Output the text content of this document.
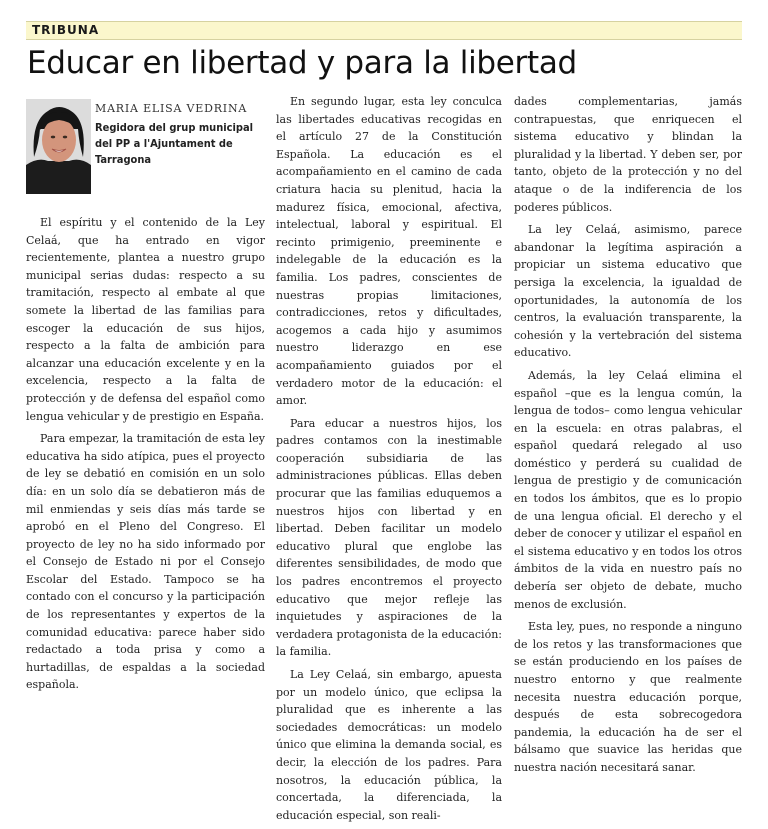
TRIBUNA
Educar en libertad y para la libertad
MARIA ELISA VEDRINA
Regidora del grup municipal del PP a l'Ajuntament de Tarragona

El espíritu y el contenido de la Ley Celaá, que ha entrado en vigor recientemente, plantea a nuestro grupo municipal serias dudas: respecto a su tramitación, respecto al embate al que somete la libertad de las familias para escoger la educación de sus hijos, respecto a la falta de ambición para alcanzar una educación excelente y en la excelencia, respecto a la falta de protección y de defensa del español como lengua vehicular y de prestigio en España.

Para empezar, la tramitación de esta ley educativa ha sido atípica, pues el proyecto de ley se debatió en comisión en un solo día: en un solo día se debatieron más de mil enmiendas y seis días más tarde se aprobó en el Pleno del Congreso. El proyecto de ley no ha sido informado por el Consejo de Estado ni por el Consejo Escolar del Estado. Tampoco se ha contado con el concurso y la participación de los representantes y expertos de la comunidad educativa: parece haber sido redactado a toda prisa y como a hurtadillas, de espaldas a la sociedad española.

En segundo lugar, esta ley conculca las libertades educativas recogidas en el artículo 27 de la Constitución Española. La educación es el acompañamiento en el camino de cada criatura hacia su plenitud, hacia la madurez física, emocional, afectiva, intelectual, laboral y espiritual. El recinto primigenio, preeminente e indelegable de la educación es la familia. Los padres, conscientes de nuestras propias limitaciones, contradicciones, retos y dificultades, acogemos a cada hijo y asumimos nuestro liderazgo en ese acompañamiento guiados por el verdadero motor de la educación: el amor.

Para educar a nuestros hijos, los padres contamos con la inestimable cooperación subsidiaria de las administraciones públicas. Ellas deben procurar que las familias eduquemos a nuestros hijos con libertad y en libertad. Deben facilitar un modelo educativo plural que englobe las diferentes sensibilidades, de modo que los padres encontremos el proyecto educativo que mejor refleje las inquietudes y aspiraciones de la verdadera protagonista de la educación: la familia.

La Ley Celaá, sin embargo, apuesta por un modelo único, que eclipsa la pluralidad que es inherente a las sociedades democráticas: un modelo único que elimina la demanda social, es decir, la elección de los padres. Para nosotros, la educación pública, la concertada, la diferenciada, la educación especial, son reali-

dades complementarias, jamás contrapuestas, que enriquecen el sistema educativo y blindan la pluralidad y la libertad. Y deben ser, por tanto, objeto de la protección y no del ataque o de la indiferencia de los poderes públicos.

La ley Celaá, asimismo, parece abandonar la legítima aspiración a propiciar un sistema educativo que persiga la excelencia, la igualdad de oportunidades, la autonomía de los centros, la evaluación transparente, la cohesión y la vertebración del sistema educativo.

Además, la ley Celaá elimina el español –que es la lengua común, la lengua de todos– como lengua vehicular en la escuela: en otras palabras, el español quedará relegado al uso doméstico y perderá su cualidad de lengua de prestigio y de comunicación en todos los ámbitos, que es lo propio de una lengua oficial. El derecho y el deber de conocer y utilizar el español en el sistema educativo y en todos los otros ámbitos de la vida en nuestro país no debería ser objeto de debate, mucho menos de exclusión.

Esta ley, pues, no responde a ninguno de los retos y las transformaciones que se están produciendo en los países de nuestro entorno y que realmente necesita nuestra educación porque, después de esta sobrecogedora pandemia, la educación ha de ser el bálsamo que suavice las heridas que nuestra nación necesitará sanar.
